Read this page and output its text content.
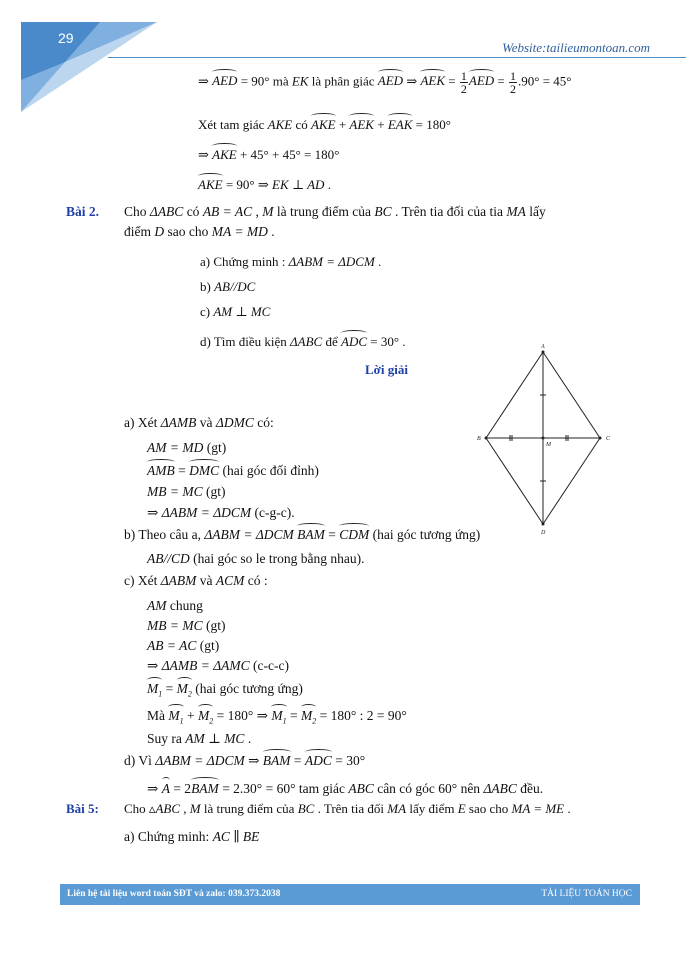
29
Website:tailieumontoan.com
⇒ AED = 90° mà EK là phân giác AED ⇒ AEK = $\frac{1}{2}$ AED = $\frac{1}{2} .90^\circ = 45^\circ$
Xét tam giác AKE có AKE + AEK + EAK = 180°
⇒ AKE + 45° + 45° = 180°
AKE = 90° ⇒ EK ⊥ AD .
Bài 2. Cho ΔABC có AB = AC , M là trung điểm của BC . Trên tia đối của tia MA lấy
điểm D sao cho MA = MD .
a) Chứng minh : ΔABM = ΔDCM .
b) AB//DC
c) AM ⊥ MC
d) Tìm điều kiện ΔABC để ADC = 30° .
Lời giải
A
B	C
M
D
a) Xét ΔAMB và ΔDMC có:
AM = MD (gt)
AMB = DMC (hai góc đối đỉnh)
MB = MC (gt)
⇒ ΔABM = ΔDCM (c-g-c).
b) Theo câu a, ΔABM = ΔDCM BAM = CDM (hai góc tương ứng)
AB//CD (hai góc so le trong bằng nhau).
c) Xét ΔABM và ACM có :
AM chung
MB = MC (gt)
AB = AC (gt)
⇒ ΔAMB = ΔAMC (c-c-c)
$M_1 = M_2$ (hai góc tương ứng)
Mà $M_1 + M_2 = 180^\circ$ ⇒ $M_1 = M_2 = 180^\circ$ : 2 = 90°
Suy ra AM ⊥ MC .
d) Vì ΔABM = ΔDCM ⇒ BAM = ADC = 30°
⇒ A = 2BAM = 2.30° = 60° tam giác ABC cân có góc 60° nên ΔABC đều.
Bài 5: Cho ▵ABC , M là trung điểm của BC . Trên tia đối MA lấy điểm E sao cho MA = ME .
a) Chứng minh: AC ∥ BE
Liên hệ tài liệu word toán SĐT và zalo: 039.373.2038	TÀI LIỆU TOÁN HỌC
